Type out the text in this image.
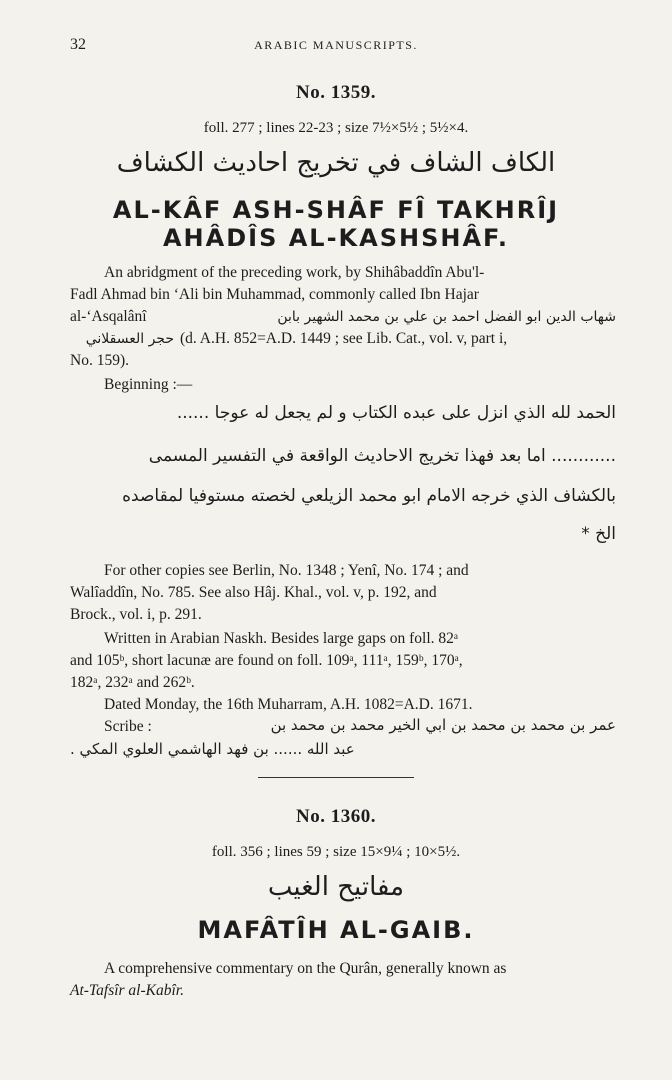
32	ARABIC MANUSCRIPTS.
No. 1359.
foll. 277 ; lines 22-23 ; size 7½×5½ ; 5½×4.
الكاف الشاف في تخريج احاديث الكشاف
AL-KÂF ASH-SHÂF FÎ TAKHRÎJ
AHÂDÎS AL-KASHSHÂF.
An abridgment of the preceding work, by Shihâbaddîn Abu'l-
Fadl Ahmad bin ‘Ali bin Muhammad, commonly called Ibn Hajar
al-‘Asqalânî	شهاب الدين ابو الفضل احمد بن علي بن محمد الشهير بابن
حجر العسقلاني (d. A.H. 852=A.D. 1449 ; see Lib. Cat., vol. v, part i,
No. 159).
Beginning :—
الحمد لله الذي انزل على عبده الكتاب و لم يجعل له عوجا ......
............ اما بعد فهذا تخريج الاحاديث الواقعة في التفسير المسمى
بالكشاف الذي خرجه الامام ابو محمد الزيلعي لخصته مستوفيا لمقاصده
الخ *
For other copies see Berlin, No. 1348 ; Yenî, No. 174 ; and
Walîaddîn, No. 785. See also Hâj. Khal., vol. v, p. 192, and
Brock., vol. i, p. 291.
Written in Arabian Naskh. Besides large gaps on foll. 82ᵃ
and 105ᵇ, short lacunæ are found on foll. 109ᵃ, 111ᵃ, 159ᵇ, 170ᵃ,
182ᵃ, 232ᵃ and 262ᵇ.
Dated Monday, the 16th Muharram, A.H. 1082=A.D. 1671.
Scribe :	عمر بن محمد بن محمد بن ابي الخير محمد بن محمد بن
عبد الله ...... بن فهد الهاشمي العلوي المكي .
No. 1360.
foll. 356 ; lines 59 ; size 15×9¼ ; 10×5½.
مفاتيح الغيب
MAFÂTÎH AL-GAIB.
A comprehensive commentary on the Qurân, generally known as
At-Tafsîr al-Kabîr.
